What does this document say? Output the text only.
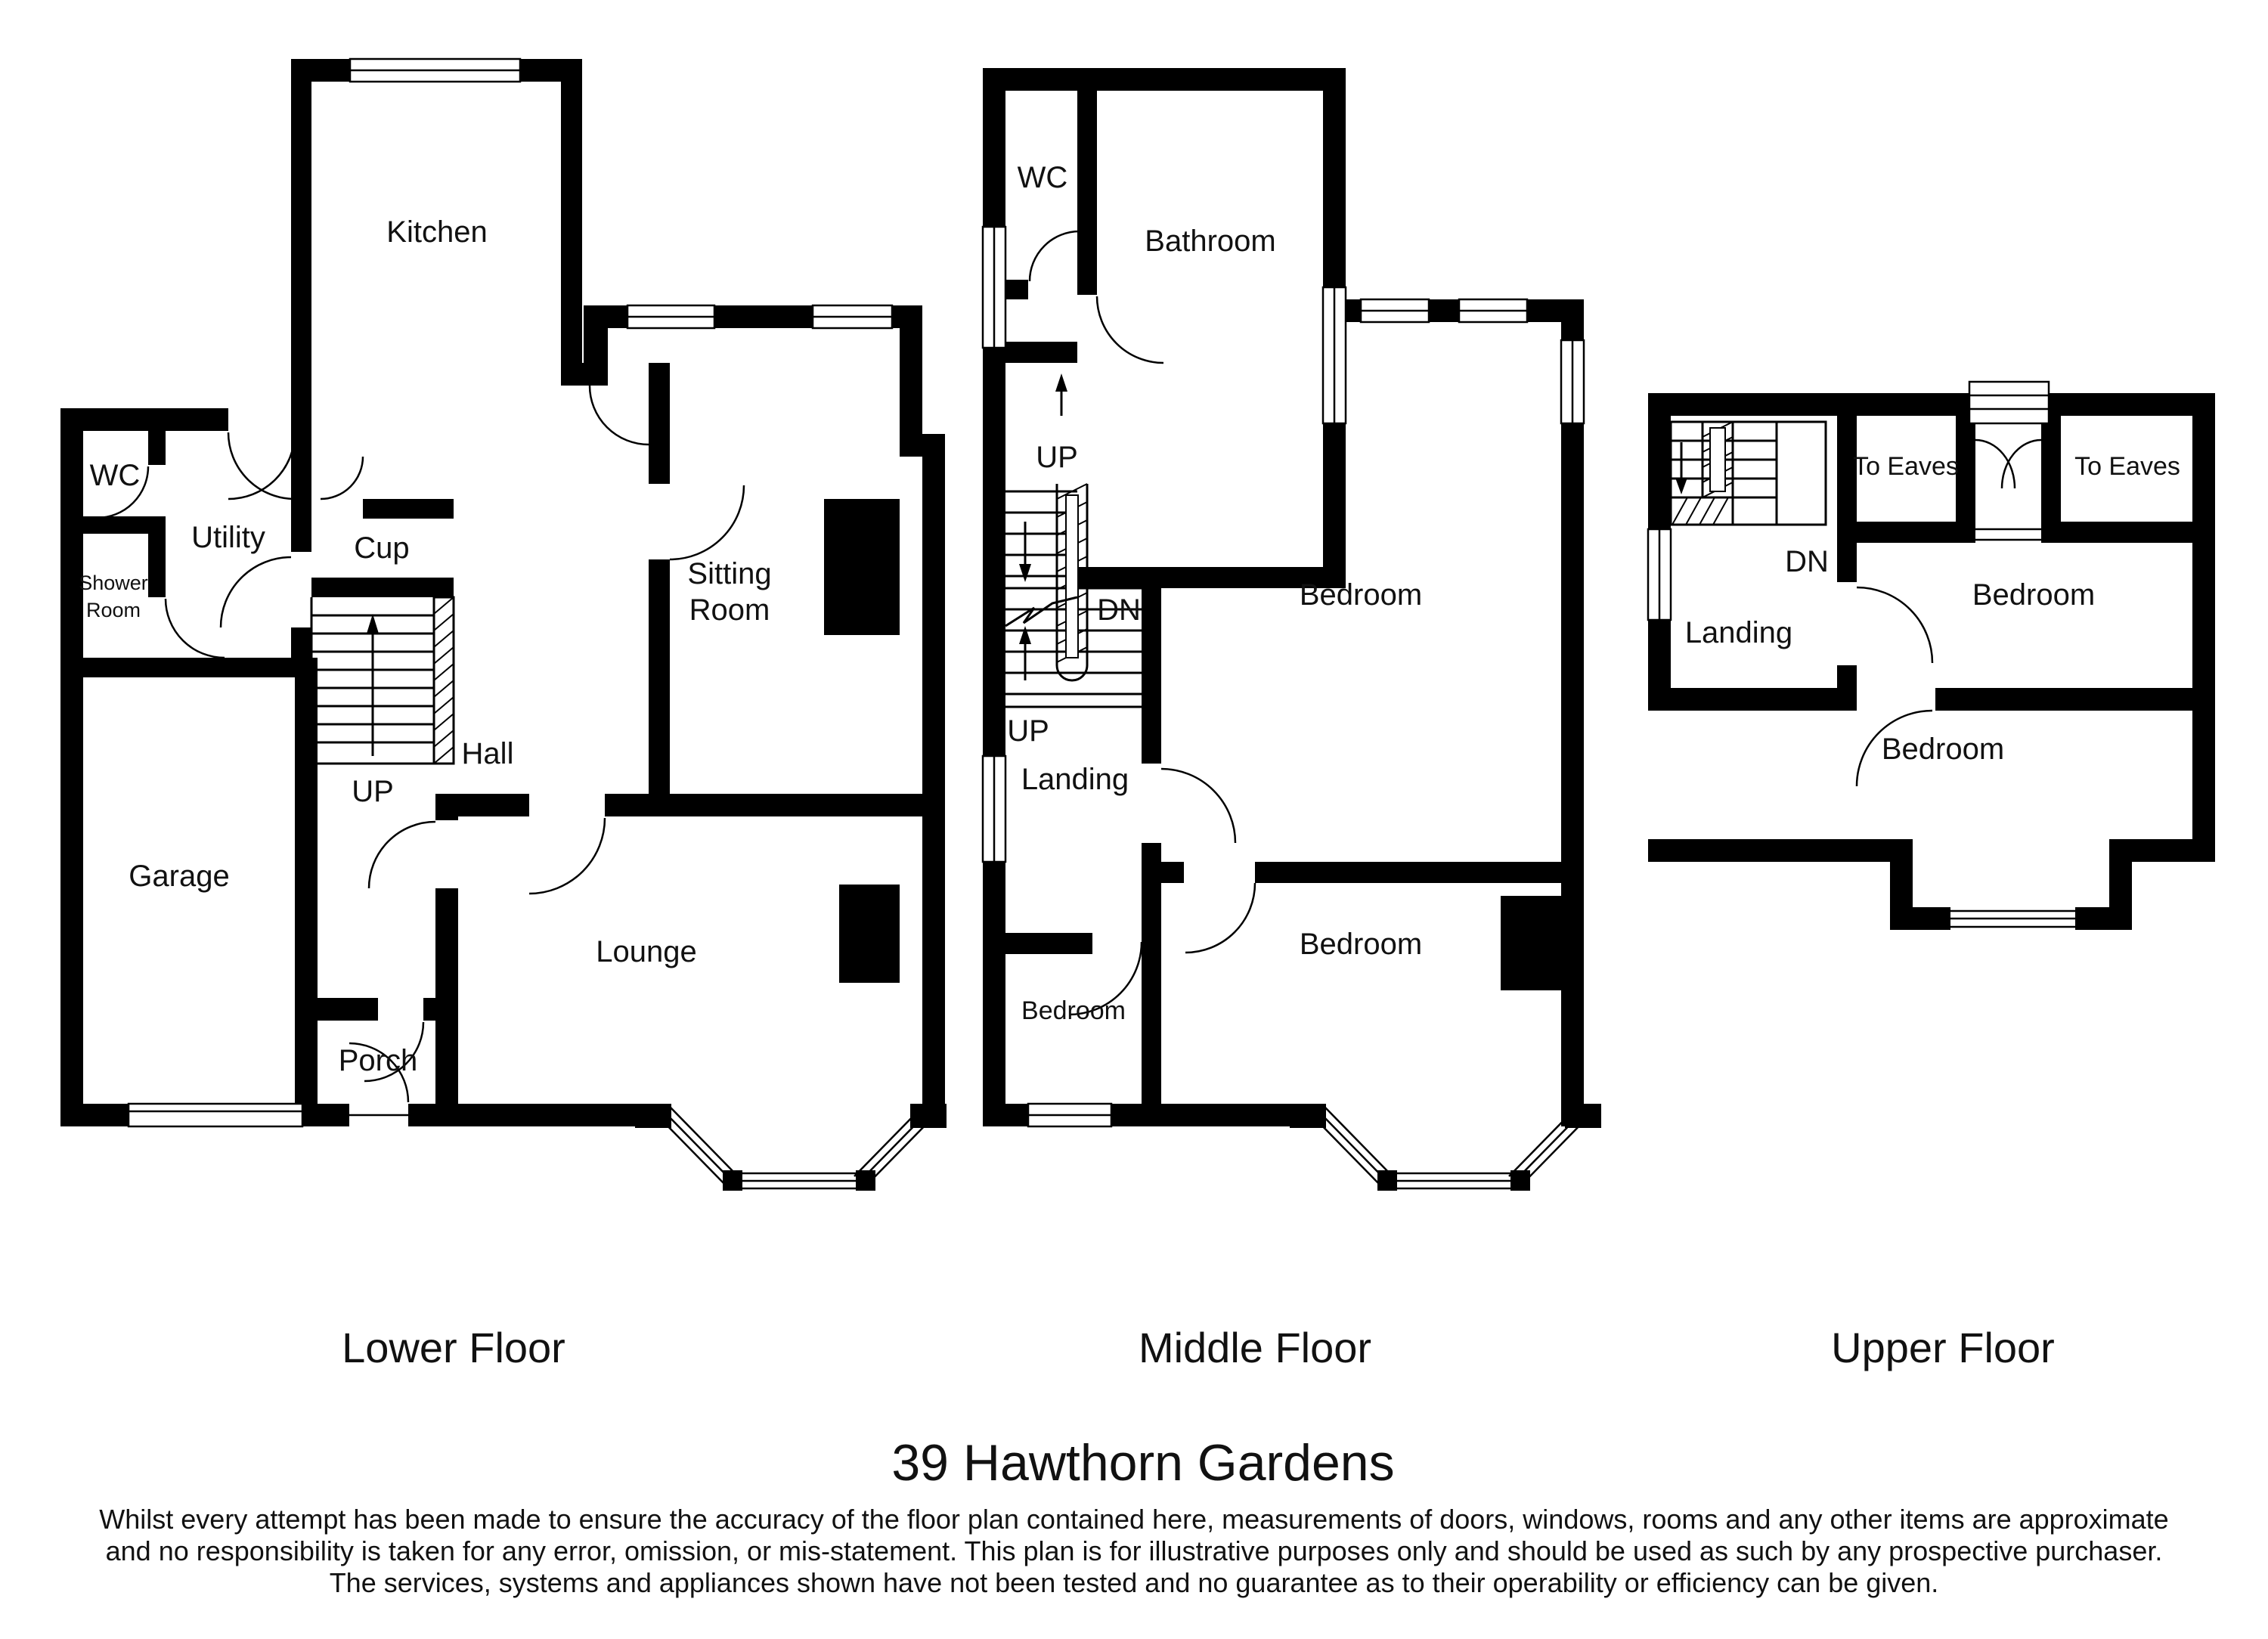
Kitchen
WC
Utility
Shower
Room
Cup
UP
Hall
Garage
Sitting
Room
Lounge
Porch
WC
Bathroom
UP
DN
UP
Bedroom
Landing
Bedroom
Bedroom
To Eaves	To Eaves
Bedroom
DN
Landing
Bedroom
Lower Floor	Middle Floor	Upper Floor
39 Hawthorn Gardens
Whilst every attempt has been made to ensure the accuracy of the floor plan contained here, measurements of doors, windows, rooms and any other items are approximate
and no responsibility is taken for any error, omission, or mis-statement. This plan is for illustrative purposes only and should be used as such by any prospective purchaser.
The services, systems and appliances shown have not been tested and no guarantee as to their operability or efficiency can be given.
